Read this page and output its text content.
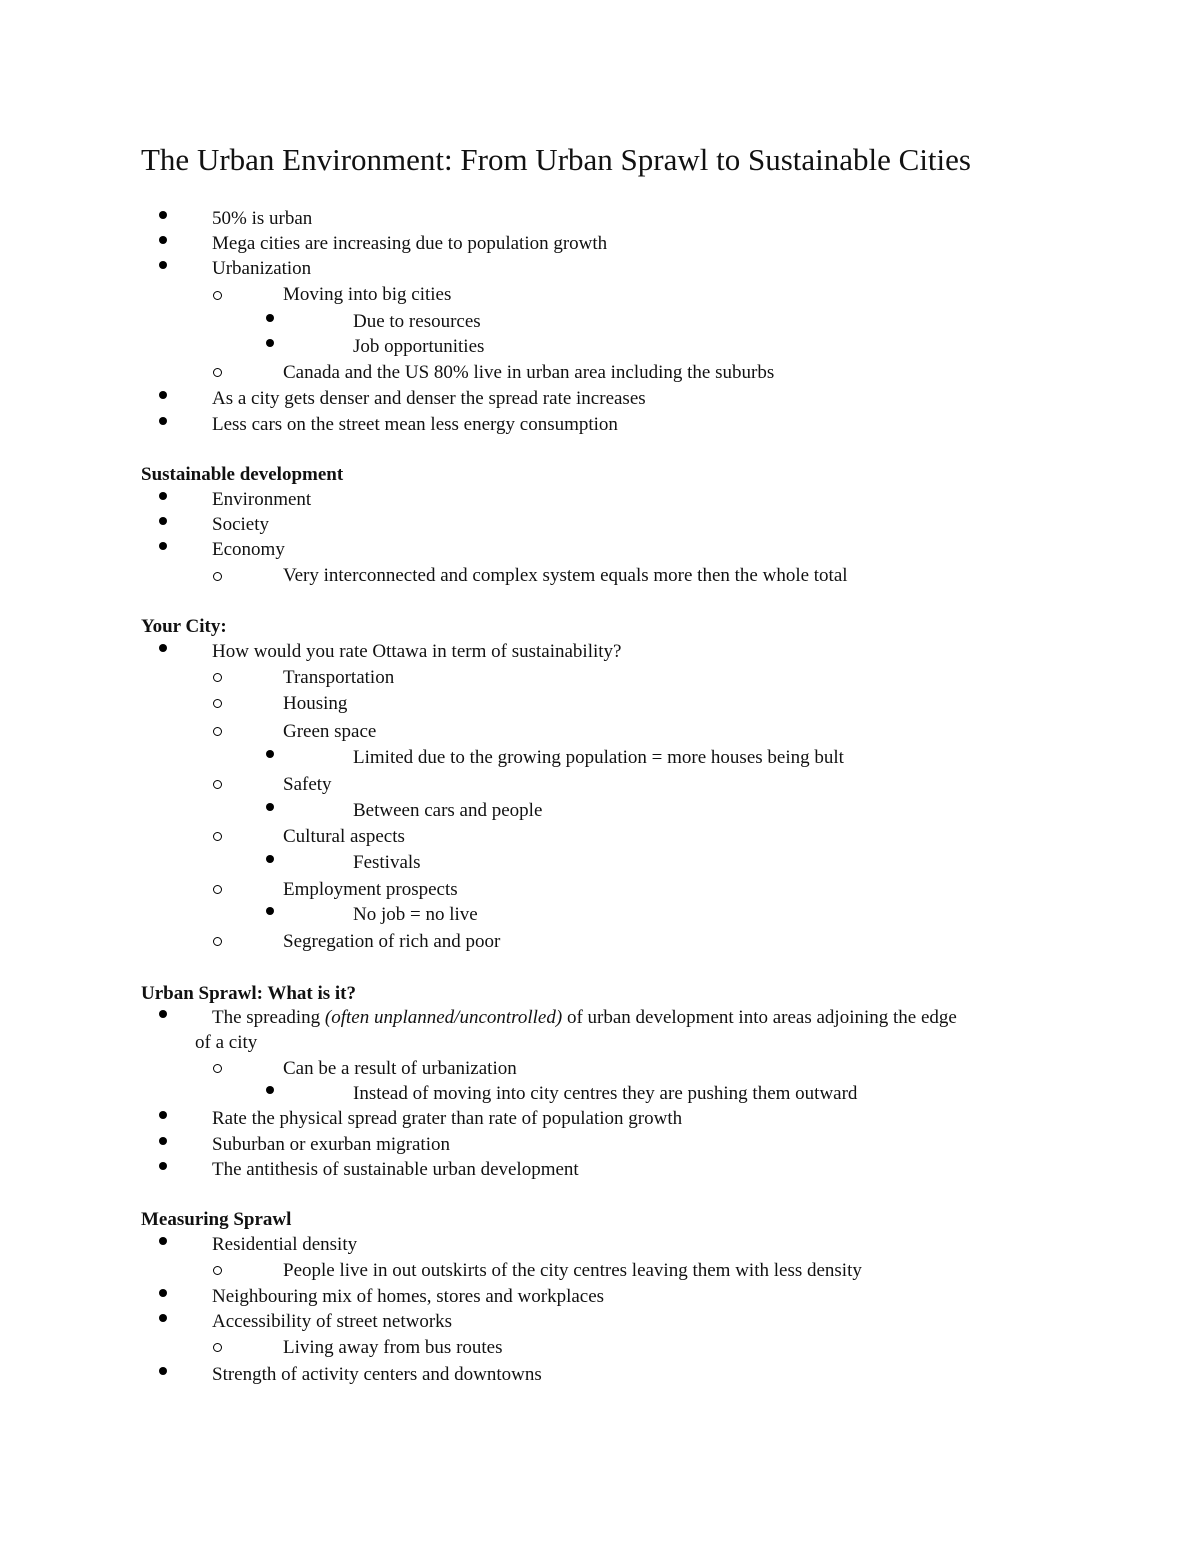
The Urban Environment: From Urban Sprawl to Sustainable Cities
50% is urban
Mega cities are increasing due to population growth
Urbanization
Moving into big cities
Due to resources
Job opportunities
Canada and the US 80% live in urban area including the suburbs
As a city gets denser and denser the spread rate increases
Less cars on the street mean less energy consumption
Sustainable development
Environment
Society
Economy
Very interconnected and complex system equals more then the whole total
Your City:
How would you rate Ottawa in term of sustainability?
Transportation
Housing
Green space
Limited due to the growing population = more houses being bult
Safety
Between cars and people
Cultural aspects
Festivals
Employment prospects
No job = no live
Segregation of rich and poor
Urban Sprawl: What is it?
The spreading (often unplanned/uncontrolled) of urban development into areas adjoining the edge
of a city
Can be a result of urbanization
Instead of moving into city centres they are pushing them outward
Rate the physical spread grater than rate of population growth
Suburban or exurban migration
The antithesis of sustainable urban development
Measuring Sprawl
Residential density
People live in out outskirts of the city centres leaving them with less density
Neighbouring mix of homes, stores and workplaces
Accessibility of street networks
Living away from bus routes
Strength of activity centers and downtowns
